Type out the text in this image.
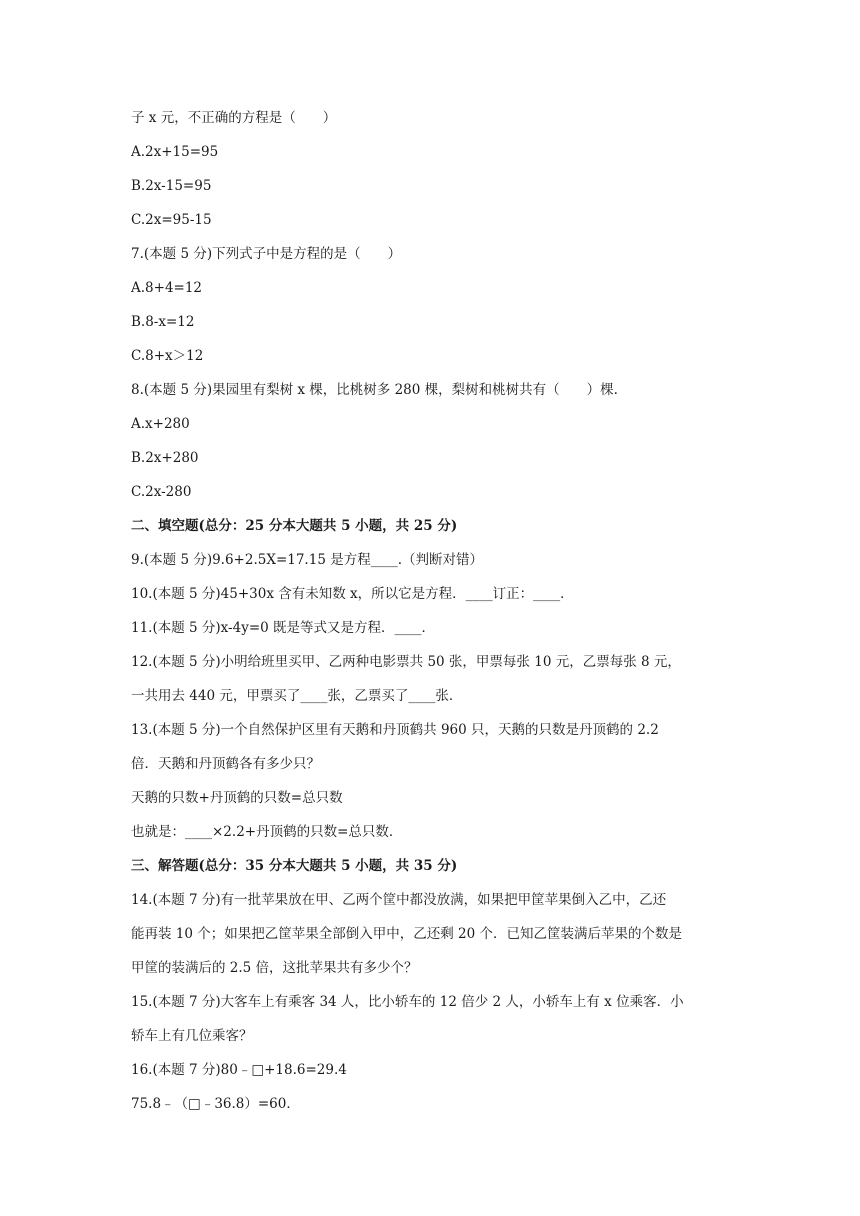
子 x 元，不正确的方程是（　　）
A.2x+15=95
B.2x-15=95
C.2x=95-15
7.(本题 5 分)下列式子中是方程的是（　　）
A.8+4=12
B.8-x=12
C.8+x＞12
8.(本题 5 分)果园里有梨树 x 棵，比桃树多 280 棵，梨树和桃树共有（　　）棵.
A.x+280
B.2x+280
C.2x-280
二、填空题(总分：25 分本大题共 5 小题，共 25 分)
9.(本题 5 分)9.6+2.5X=17.15 是方程____.（判断对错）
10.(本题 5 分)45+30x 含有未知数 x，所以它是方程．____订正：____．
11.(本题 5 分)x-4y=0 既是等式又是方程．____．
12.(本题 5 分)小明给班里买甲、乙两种电影票共 50 张，甲票每张 10 元，乙票每张 8 元，
一共用去 440 元，甲票买了____张，乙票买了____张．
13.(本题 5 分)一个自然保护区里有天鹅和丹顶鹤共 960 只，天鹅的只数是丹顶鹤的 2.2
倍．天鹅和丹顶鹤各有多少只？
天鹅的只数+丹顶鹤的只数=总只数
也就是：____×2.2+丹顶鹤的只数=总只数．
三、解答题(总分：35 分本大题共 5 小题，共 35 分)
14.(本题 7 分)有一批苹果放在甲、乙两个筐中都没放满，如果把甲筐苹果倒入乙中，乙还
能再装 10 个；如果把乙筐苹果全部倒入甲中，乙还剩 20 个．已知乙筐装满后苹果的个数是
甲筐的装满后的 2.5 倍，这批苹果共有多少个？
15.(本题 7 分)大客车上有乘客 34 人，比小轿车的 12 倍少 2 人，小轿车上有 x 位乘客．小
轿车上有几位乘客？
16.(本题 7 分)80﹣□+18.6=29.4
75.8﹣（□﹣36.8）=60．
